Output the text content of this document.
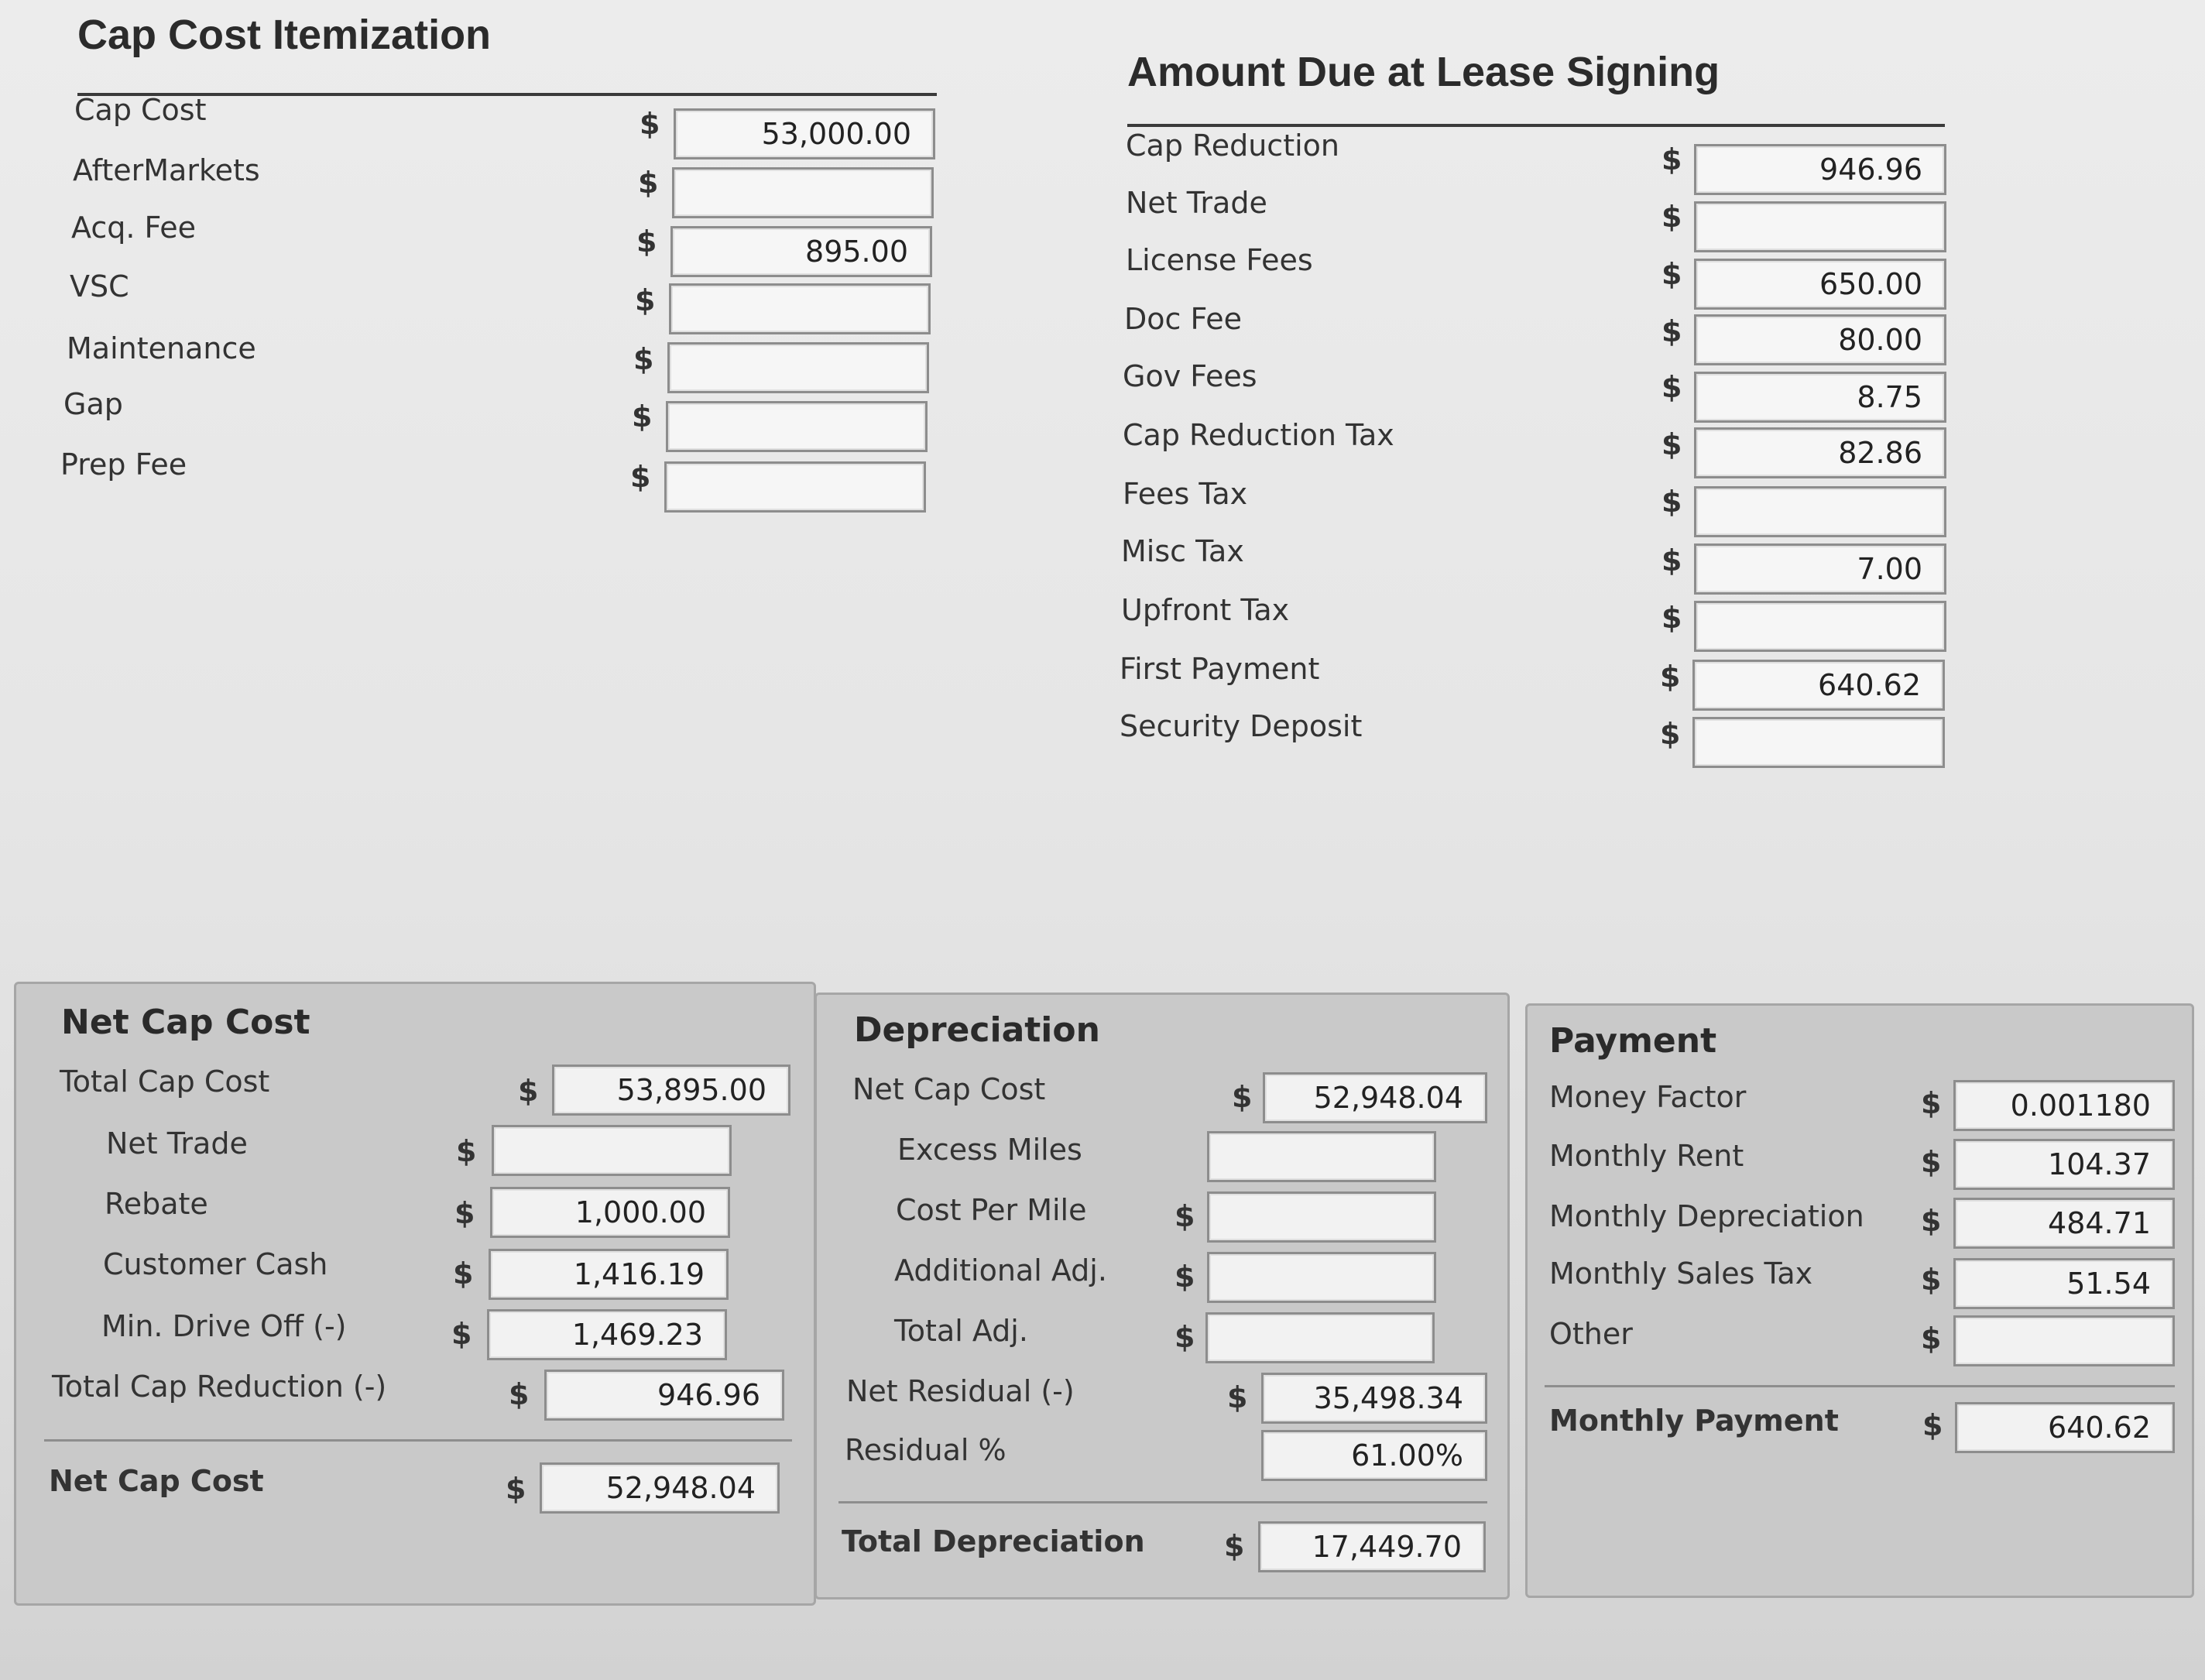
Cap Cost Itemization
Cap Cost	$	53,000.00
AfterMarkets	$
Acq. Fee	$	895.00
VSC	$
Maintenance	$
Gap	$
Prep Fee	$
Amount Due at Lease Signing
Cap Reduction	$	946.96
Net Trade	$
License Fees	$	650.00
Doc Fee	$	80.00
Gov Fees	$	8.75
Cap Reduction Tax	$	82.86
Fees Tax	$
Misc Tax	$	7.00
Upfront Tax	$
First Payment	$	640.62
Security Deposit	$
Net Cap Cost
Total Cap Cost	$	53,895.00
Net Trade	$
Rebate	$	1,000.00
Customer Cash	$	1,416.19
Min. Drive Off (-)	$	1,469.23
Total Cap Reduction (-)	$	946.96
Net Cap Cost	$	52,948.04
Depreciation
Net Cap Cost	$	52,948.04
Excess Miles
Cost Per Mile	$
Additional Adj. $
Total Adj.	$
Net Residual (-)	$	35,498.34
Residual %	61.00%
Total Depreciation	$	17,449.70
Payment
Money Factor	$	0.001180
Monthly Rent	$	104.37
Monthly Depreciation $	484.71
Monthly Sales Tax	$	51.54
Other	$
Monthly Payment	$	640.62
